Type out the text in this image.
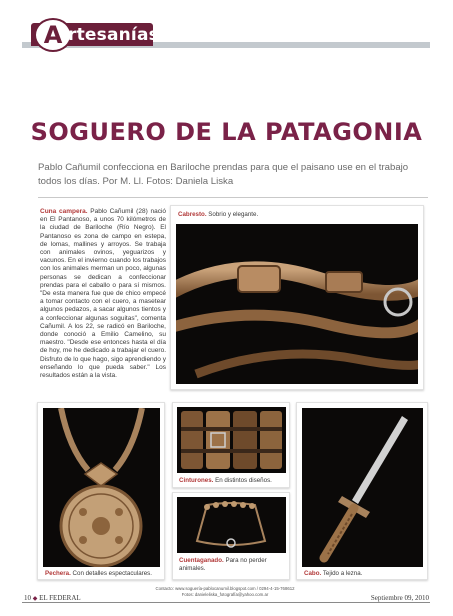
A rtesanías
SOGUERO DE LA PATAGONIA

Pablo Cañumil confecciona en Bariloche prendas para que el paisano use en el trabajo todos los días. Por M. Ll. Fotos: Daniela Liska

Cuna campera. Pablo Cañumil (28) nació en El Pantanoso, a unos 70 kilómetros de la ciudad de Bariloche (Río Negro). El Pantanoso es zona de campo en estepa, de lomas, mallines y arroyos. Se trabaja con animales ovinos, yeguarizos y vacunos. En el invierno cuando los trabajos con los animales merman un poco, algunas personas se dedican a confeccionar prendas para el caballo o para sí mismos. "De esta manera fue que de chico empecé a tomar contacto con el cuero, a masetear algunos pedazos, a sacar algunos tientos y a confeccionar algunas soguitas", comenta Cañumil. A los 22, se radicó en Bariloche, donde conoció a Emilio Camelino, su maestro. "Desde ese entonces hasta el día de hoy, me he dedicado a trabajar el cuero. Disfruto de lo que hago, sigo aprendiendo y enseñando lo que pueda saber." Los resultados están a la vista.
Cabresto. Sobrio y elegante.
Pechera. Con detalles espectaculares.
Cinturones. En distintos diseños.
Cuentaganado. Para no perder animales.
Cabo. Tejido a lezna.
10 ◆ EL FEDERAL
Contacto: www.soguería-pablocanumil.blogspot.com / 0294-4-15-768612
Fotos: danieleliska_fotografía@yahoo.com.ar	Septiembre 09, 2010
